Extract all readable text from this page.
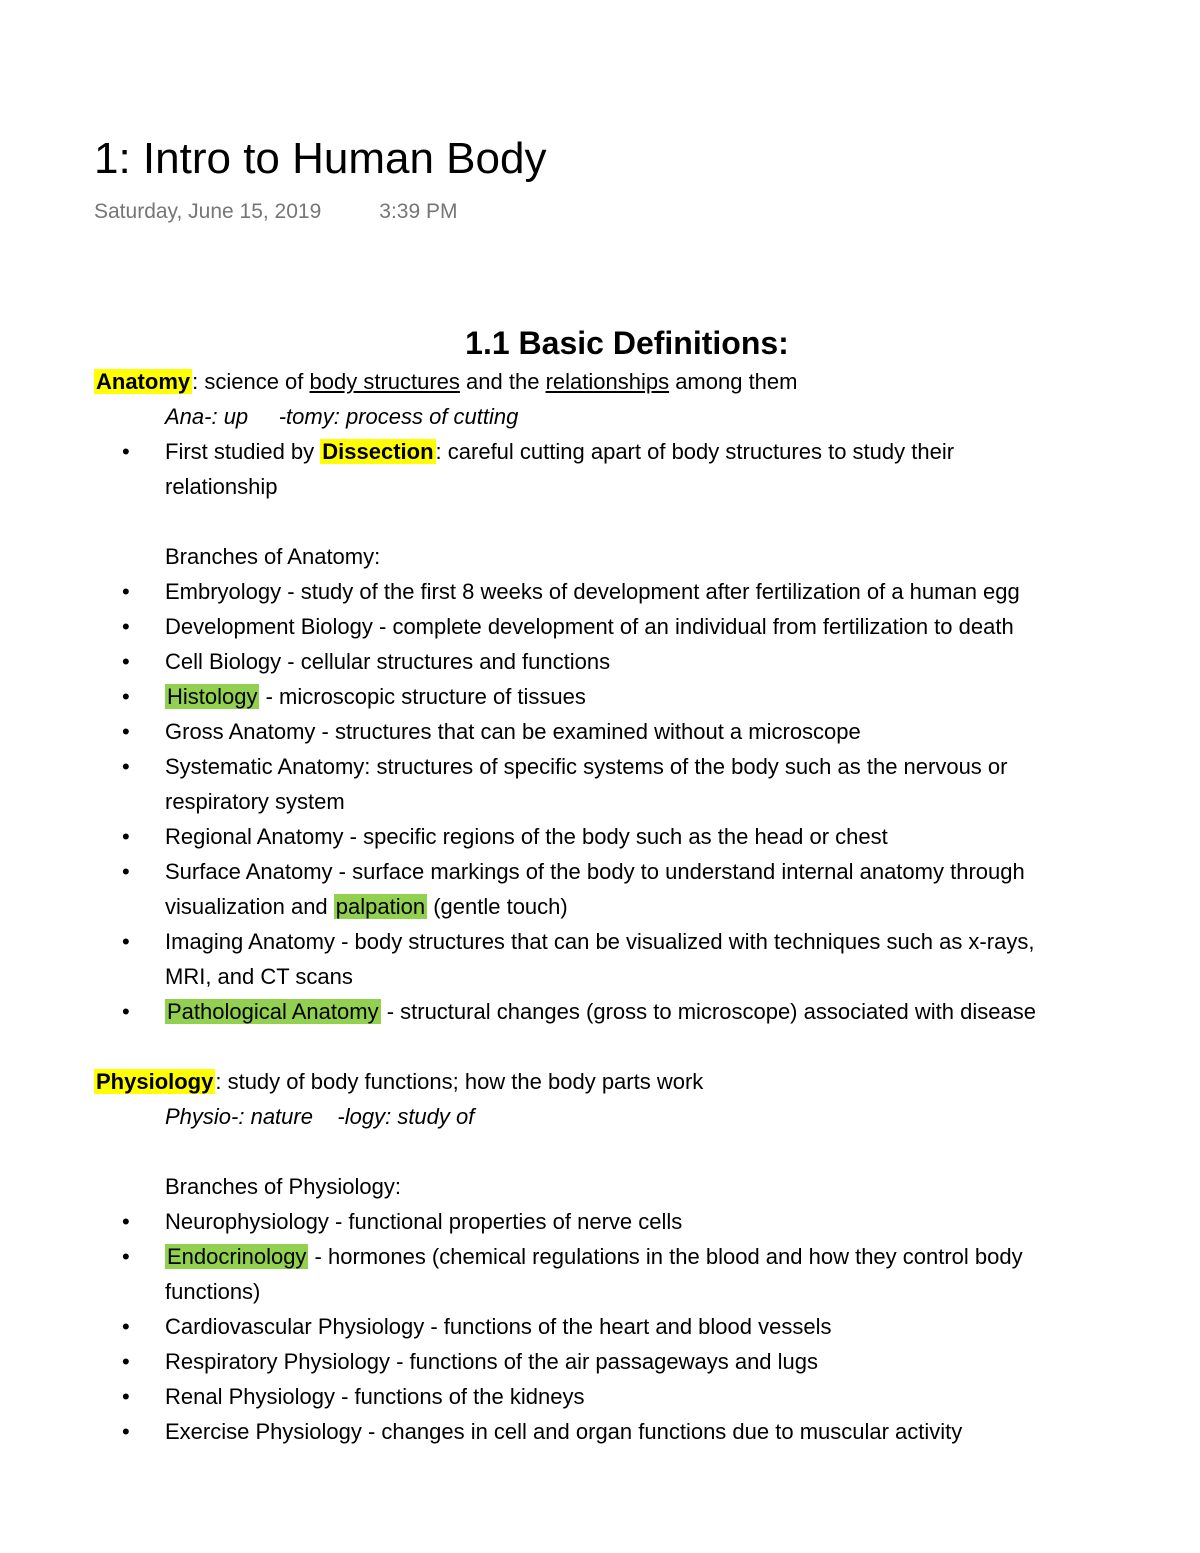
1: Intro to Human Body
Saturday, June 15, 2019	3:39 PM
1.1 Basic Definitions:
Anatomy: science of body structures and the relationships among them
Ana-: up     -tomy: process of cutting
• First studied by Dissection: careful cutting apart of body structures to study their
relationship
Branches of Anatomy:
• Embryology - study of the first 8 weeks of development after fertilization of a human egg
• Development Biology - complete development of an individual from fertilization to death
• Cell Biology - cellular structures and functions
• Histology - microscopic structure of tissues
• Gross Anatomy - structures that can be examined without a microscope
• Systematic Anatomy: structures of specific systems of the body such as the nervous or
respiratory system
• Regional Anatomy - specific regions of the body such as the head or chest
• Surface Anatomy - surface markings of the body to understand internal anatomy through
visualization and palpation (gentle touch)
• Imaging Anatomy - body structures that can be visualized with techniques such as x-rays,
MRI, and CT scans
• Pathological Anatomy - structural changes (gross to microscope) associated with disease
Physiology: study of body functions; how the body parts work
Physio-: nature    -logy: study of
Branches of Physiology:
• Neurophysiology - functional properties of nerve cells
• Endocrinology - hormones (chemical regulations in the blood and how they control body
functions)
• Cardiovascular Physiology - functions of the heart and blood vessels
• Respiratory Physiology - functions of the air passageways and lugs
• Renal Physiology - functions of the kidneys
• Exercise Physiology - changes in cell and organ functions due to muscular activity
